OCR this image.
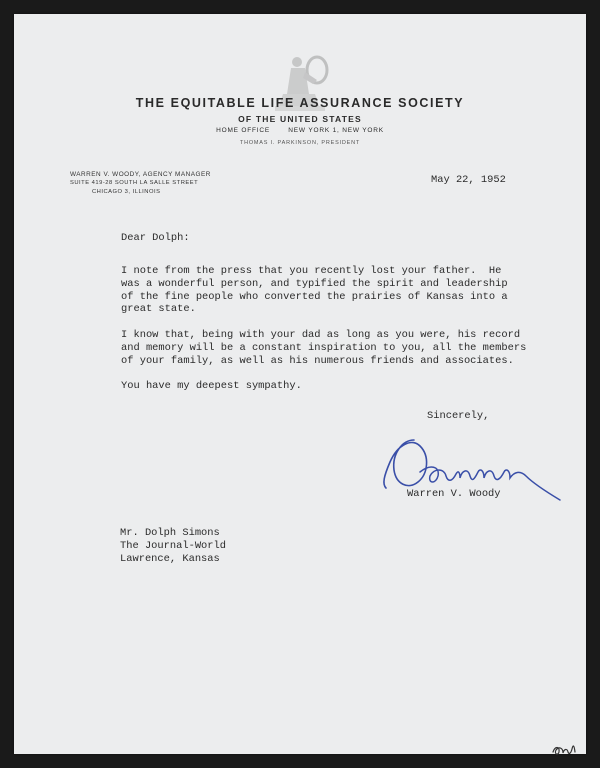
THE EQUITABLE LIFE ASSURANCE SOCIETY
OF THE UNITED STATES
HOME OFFICE       NEW YORK 1, NEW YORK
THOMAS I. PARKINSON, PRESIDENT
WARREN V. WOODY, AGENCY MANAGER
SUITE 419-28 SOUTH LA SALLE STREET
CHICAGO 3, ILLINOIS
May 22, 1952
Dear Dolph:

I note from the press that you recently lost your father.  He
was a wonderful person, and typified the spirit and leadership
of the fine people who converted the prairies of Kansas into a
great state.

I know that, being with your dad as long as you were, his record
and memory will be a constant inspiration to you, all the members
of your family, as well as his numerous friends and associates.

You have my deepest sympathy.

Sincerely,
Warren V. Woody
Mr. Dolph Simons
The Journal-World
Lawrence, Kansas
